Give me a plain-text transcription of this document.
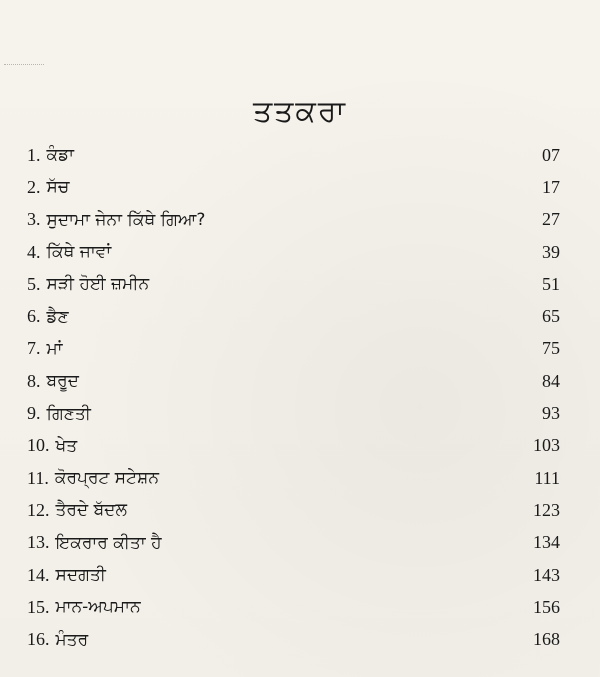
ਤਤਕਰਾ
1. ਕੰਡਾ	07
2. ਸੱਚ	17
3. ਸੁਦਾਮਾ ਜੇਨਾ ਕਿੱਥੇ ਗਿਆ?	27
4. ਕਿੱਥੇ ਜਾਵਾਂ	39
5. ਸੜੀ ਹੋਈ ਜ਼ਮੀਨ	51
6. ਡੈਣ	65
7. ਮਾਂ	75
8. ਬਰੂਦ	84
9. ਗਿਣਤੀ	93
10. ਖੇਤ	103
11. ਕੋਰਪ੍ਰਟ ਸਟੇਸ਼ਨ	111
12. ਤੈਰਦੇ ਬੱਦਲ	123
13. ਇਕਰਾਰ ਕੀਤਾ ਹੈ	134
14. ਸਦਗਤੀ	143
15. ਮਾਨ-ਅਪਮਾਨ	156
16. ਮੰਤਰ	168
